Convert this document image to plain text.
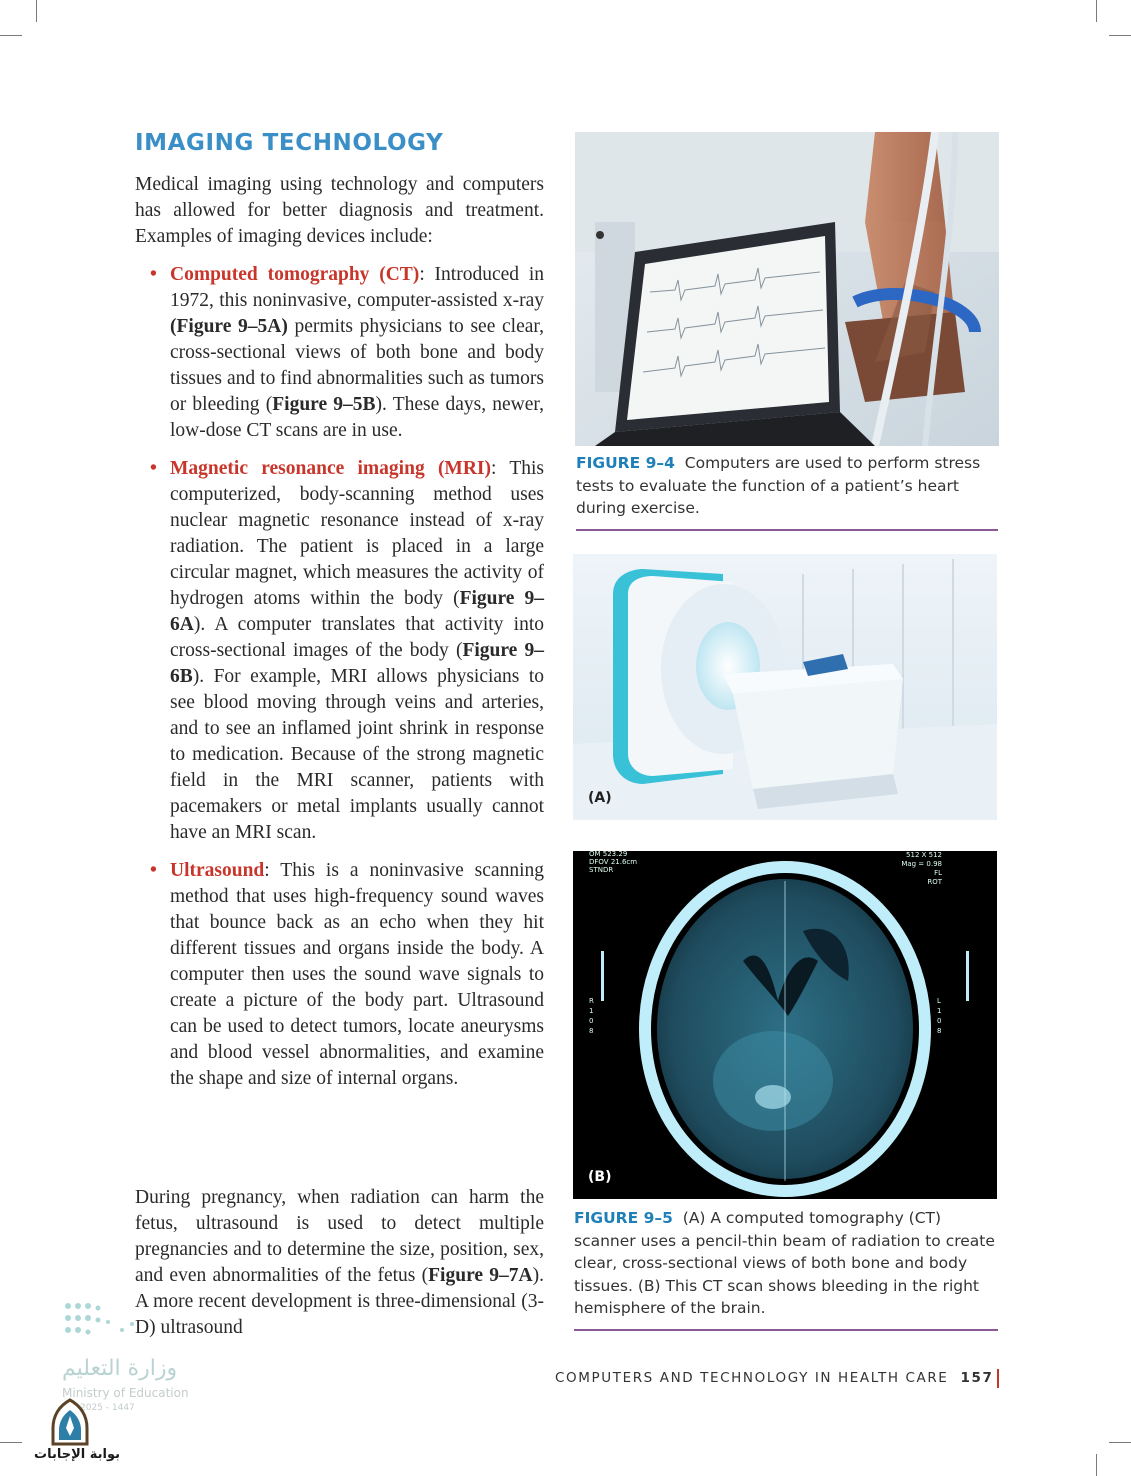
IMAGING TECHNOLOGY

Medical imaging using technology and computers has allowed for better diagnosis and treatment. Examples of imaging devices include:

• Computed tomography (CT): Introduced in 1972, this noninvasive, computer-assisted x-ray (Figure 9–5A) permits physicians to see clear, cross-sectional views of both bone and body tissues and to find abnormalities such as tumors or bleeding (Figure 9–5B). These days, newer, low-dose CT scans are in use.
• Magnetic resonance imaging (MRI): This computerized, body-scanning method uses nuclear magnetic resonance instead of x-ray radiation. The patient is placed in a large circular magnet, which measures the activity of hydrogen atoms within the body (Figure 9–6A). A computer translates that activity into cross-sectional images of the body (Figure 9–6B). For example, MRI allows physicians to see blood moving through veins and arteries, and to see an inflamed joint shrink in response to medication. Because of the strong magnetic field in the MRI scanner, patients with pacemakers or metal implants usually cannot have an MRI scan.
• Ultrasound: This is a noninvasive scanning method that uses high-frequency sound waves that bounce back as an echo when they hit different tissues and organs inside the body. A computer then uses the sound wave signals to create a picture of the body part. Ultrasound can be used to detect tumors, locate aneurysms and blood vessel abnormalities, and examine the shape and size of internal organs.

During pregnancy, when radiation can harm the fetus, ultrasound is used to detect multiple pregnancies and to determine the size, position, sex, and even abnormalities of the fetus (Figure 9–7A). A more recent development is three-dimensional (3-D) ultrasound

FIGURE 9–4 Computers are used to perform stress tests to evaluate the function of a patient’s heart during exercise.

(A)
OM 523.29
DFOV 21.6cm
STNDR
512 X 512
Mag = 0.98
FL
ROT
R 108
L 108
(B)

FIGURE 9–5 (A) A computed tomography (CT) scanner uses a pencil-thin beam of radiation to create clear, cross-sectional views of both bone and body tissues. (B) This CT scan shows bleeding in the right hemisphere of the brain.

COMPUTERS AND TECHNOLOGY IN HEALTH CARE 157
وزارة التعليم
Ministry of Education
2025 - 1447
بوابة الإجابات
